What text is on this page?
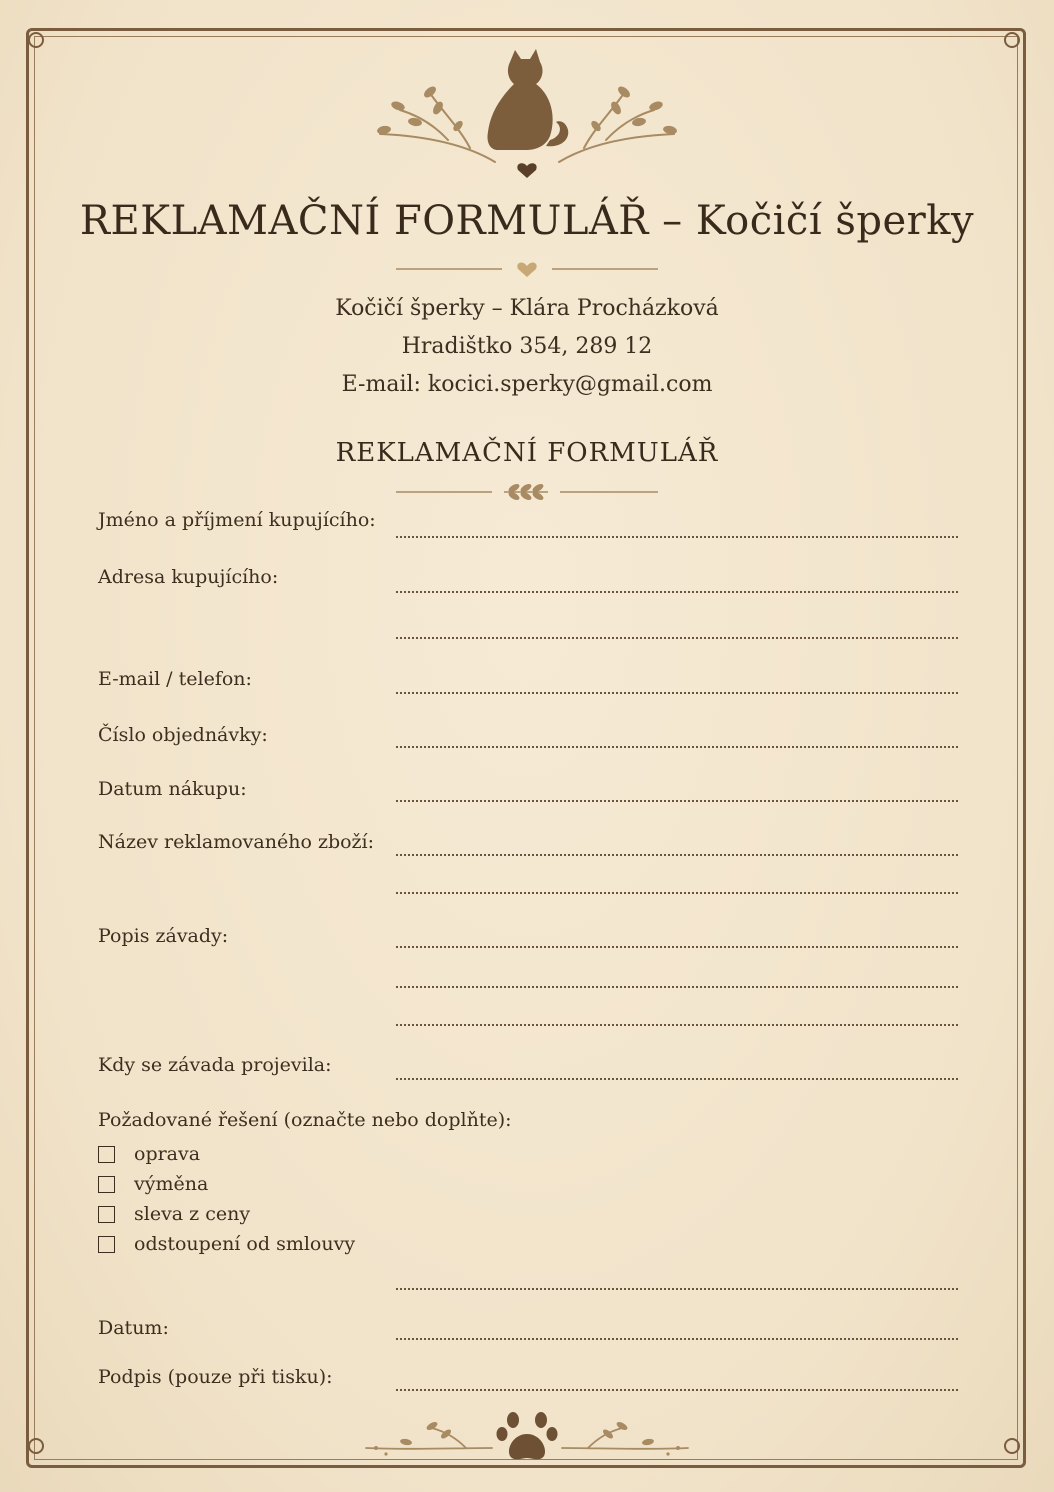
REKLAMAČNÍ FORMULÁŘ – Kočičí šperky
Kočičí šperky – Klára Procházková
Hradištko 354, 289 12
E-mail: kocici.sperky@gmail.com
REKLAMAČNÍ FORMULÁŘ
Jméno a příjmení kupujícího:
Adresa kupujícího:
E-mail / telefon:
Číslo objednávky:
Datum nákupu:
Název reklamovaného zboží:
Popis závady:
Kdy se závada projevila:
Požadované řešení (označte nebo doplňte):
oprava
výměna
sleva z ceny
odstoupení od smlouvy
Datum:
Podpis (pouze při tisku):
